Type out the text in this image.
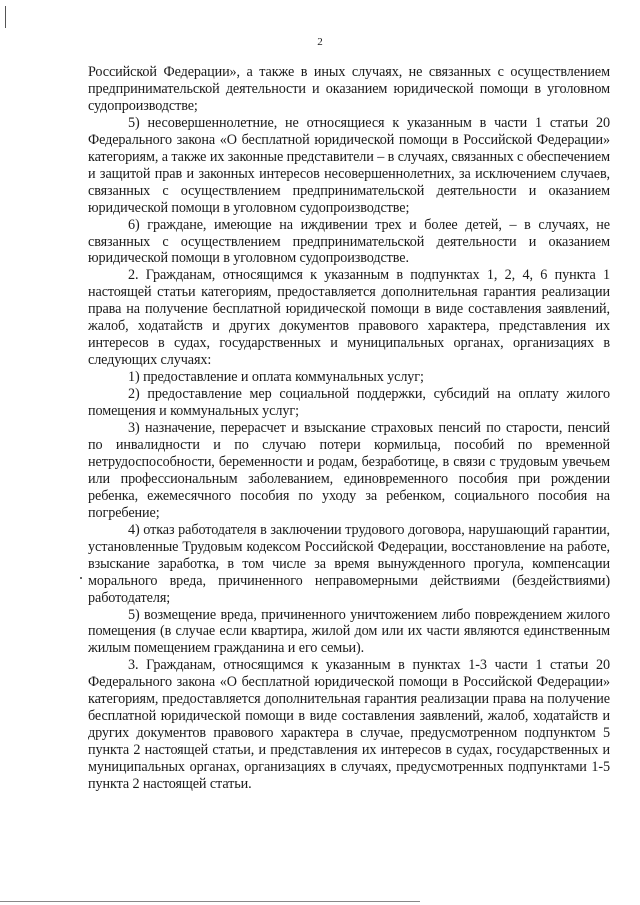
2

Российской Федерации», а также в иных случаях, не связанных с осуществлением предпринимательской деятельности и оказанием юридической помощи в уголовном судопроизводстве;

5) несовершеннолетние, не относящиеся к указанным в части 1 статьи 20 Федерального закона «О бесплатной юридической помощи в Российской Федерации» категориям, а также их законные представители – в случаях, связанных с обеспечением и защитой прав и законных интересов несовершеннолетних, за исключением случаев, связанных с осуществлением предпринимательской деятельности и оказанием юридической помощи в уголовном судопроизводстве;

6) граждане, имеющие на иждивении трех и более детей, – в случаях, не связанных с осуществлением предпринимательской деятельности и оказанием юридической помощи в уголовном судопроизводстве.

2. Гражданам, относящимся к указанным в подпунктах 1, 2, 4, 6 пункта 1 настоящей статьи категориям, предоставляется дополнительная гарантия реализации права на получение бесплатной юридической помощи в виде составления заявлений, жалоб, ходатайств и других документов правового характера, представления их интересов в судах, государственных и муниципальных органах, организациях в следующих случаях:

1) предоставление и оплата коммунальных услуг;

2) предоставление мер социальной поддержки, субсидий на оплату жилого помещения и коммунальных услуг;

3) назначение, перерасчет и взыскание страховых пенсий по старости, пенсий по инвалидности и по случаю потери кормильца, пособий по временной нетрудоспособности, беременности и родам, безработице, в связи с трудовым увечьем или профессиональным заболеванием, единовременного пособия при рождении ребенка, ежемесячного пособия по уходу за ребенком, социального пособия на погребение;

4) отказ работодателя в заключении трудового договора, нарушающий гарантии, установленные Трудовым кодексом Российской Федерации, восстановление на работе, взыскание заработка, в том числе за время вынужденного прогула, компенсации морального вреда, причиненного неправомерными действиями (бездействиями) работодателя;

5) возмещение вреда, причиненного уничтожением либо повреждением жилого помещения (в случае если квартира, жилой дом или их части являются единственным жилым помещением гражданина и его семьи).

3. Гражданам, относящимся к указанным в пунктах 1-3 части 1 статьи 20 Федерального закона «О бесплатной юридической помощи в Российской Федерации» категориям, предоставляется дополнительная гарантия реализации права на получение бесплатной юридической помощи в виде составления заявлений, жалоб, ходатайств и других документов правового характера в случае, предусмотренном подпунктом 5 пункта 2 настоящей статьи, и представления их интересов в судах, государственных и муниципальных органах, организациях в случаях, предусмотренных подпунктами 1-5 пункта 2 настоящей статьи.
